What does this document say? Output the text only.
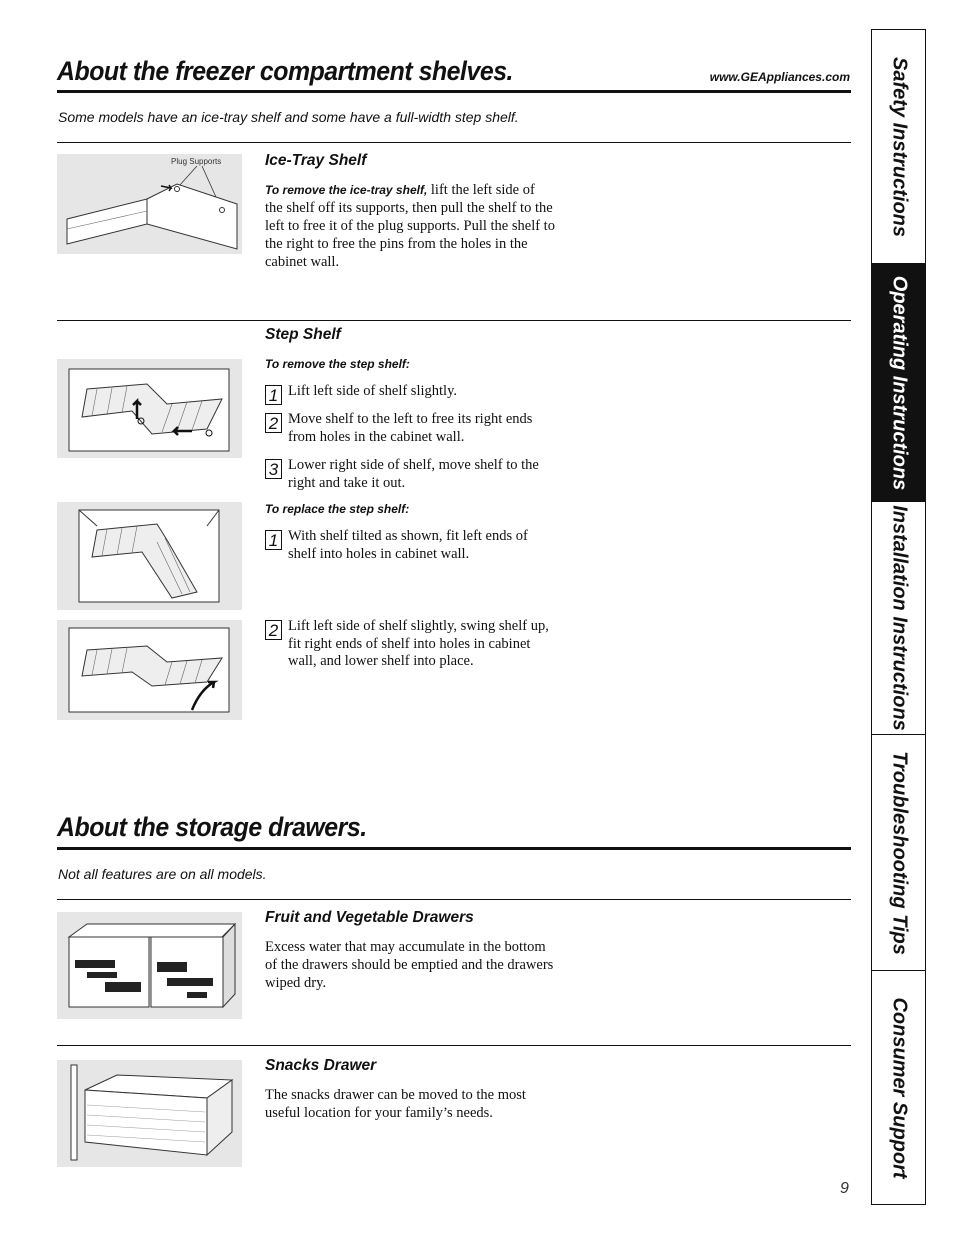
About the freezer compartment shelves.	www.GEAppliances.com
Some models have an ice-tray shelf and some have a full-width step shelf.
Plug Supports	Ice-Tray Shelf
To remove the ice-tray shelf, lift the left side of the shelf off its supports, then pull the shelf to the left to free it of the plug supports. Pull the shelf to the right to free the pins from the holes in the cabinet wall.
Step Shelf
To remove the step shelf:
1 Lift left side of shelf slightly.
2 Move shelf to the left to free its right ends from holes in the cabinet wall.
3 Lower right side of shelf, move shelf to the right and take it out.
To replace the step shelf:
1 With shelf tilted as shown, fit left ends of shelf into holes in cabinet wall.
2 Lift left side of shelf slightly, swing shelf up, fit right ends of shelf into holes in cabinet wall, and lower shelf into place.
About the storage drawers.
Not all features are on all models.
Fruit and Vegetable Drawers
Excess water that may accumulate in the bottom of the drawers should be emptied and the drawers wiped dry.
Snacks Drawer
The snacks drawer can be moved to the most useful location for your family’s needs.
9
Safety Instructions
Operating Instructions
Installation Instructions
Troubleshooting Tips
Consumer Support
